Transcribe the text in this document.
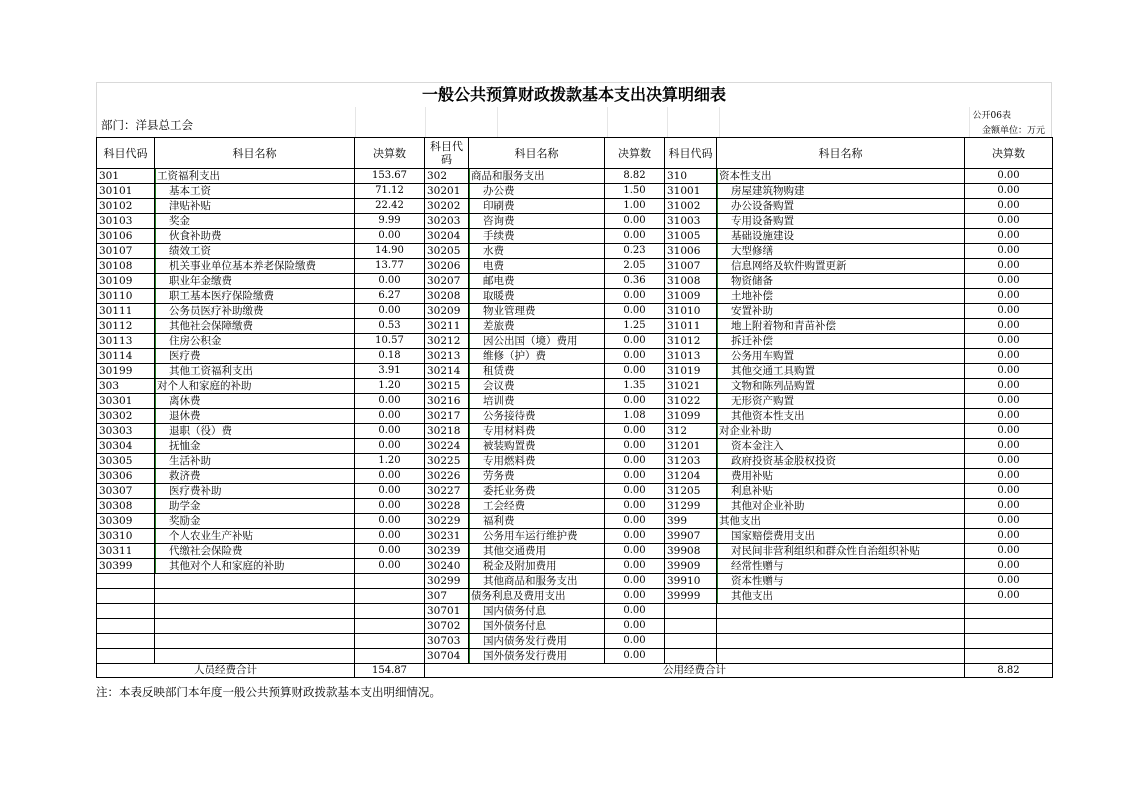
一般公共预算财政拨款基本支出决算明细表
部门：洋县总工会
公开06表
金额单位：万元
科目代码	科目名称	决算数	科目代
码	科目名称	决算数	科目代码	科目名称	决算数
301	工资福利支出	153.67	302	商品和服务支出	8.82	310	资本性支出	0.00
30101	基本工资	71.12	30201	办公费	1.50	31001	房屋建筑物购建	0.00
30102	津贴补贴	22.42	30202	印刷费	1.00	31002	办公设备购置	0.00
30103	奖金	9.99	30203	咨询费	0.00	31003	专用设备购置	0.00
30106	伙食补助费	0.00	30204	手续费	0.00	31005	基础设施建设	0.00
30107	绩效工资	14.90	30205	水费	0.23	31006	大型修缮	0.00
30108	机关事业单位基本养老保险缴费	13.77	30206	电费	2.05	31007	信息网络及软件购置更新	0.00
30109	职业年金缴费	0.00	30207	邮电费	0.36	31008	物资储备	0.00
30110	职工基本医疗保险缴费	6.27	30208	取暖费	0.00	31009	土地补偿	0.00
30111	公务员医疗补助缴费	0.00	30209	物业管理费	0.00	31010	安置补助	0.00
30112	其他社会保障缴费	0.53	30211	差旅费	1.25	31011	地上附着物和青苗补偿	0.00
30113	住房公积金	10.57	30212	因公出国（境）费用	0.00	31012	拆迁补偿	0.00
30114	医疗费	0.18	30213	维修（护）费	0.00	31013	公务用车购置	0.00
30199	其他工资福利支出	3.91	30214	租赁费	0.00	31019	其他交通工具购置	0.00
303	对个人和家庭的补助	1.20	30215	会议费	1.35	31021	文物和陈列品购置	0.00
30301	离休费	0.00	30216	培训费	0.00	31022	无形资产购置	0.00
30302	退休费	0.00	30217	公务接待费	1.08	31099	其他资本性支出	0.00
30303	退职（役）费	0.00	30218	专用材料费	0.00	312	对企业补助	0.00
30304	抚恤金	0.00	30224	被装购置费	0.00	31201	资本金注入	0.00
30305	生活补助	1.20	30225	专用燃料费	0.00	31203	政府投资基金股权投资	0.00
30306	救济费	0.00	30226	劳务费	0.00	31204	费用补贴	0.00
30307	医疗费补助	0.00	30227	委托业务费	0.00	31205	利息补贴	0.00
30308	助学金	0.00	30228	工会经费	0.00	31299	其他对企业补助	0.00
30309	奖励金	0.00	30229	福利费	0.00	399	其他支出	0.00
30310	个人农业生产补贴	0.00	30231	公务用车运行维护费	0.00	39907	国家赔偿费用支出	0.00
30311	代缴社会保险费	0.00	30239	其他交通费用	0.00	39908	对民间非营利组织和群众性自治组织补贴	0.00
30399	其他对个人和家庭的补助	0.00	30240	税金及附加费用	0.00	39909	经常性赠与	0.00
			30299	其他商品和服务支出	0.00	39910	资本性赠与	0.00
			307	债务利息及费用支出	0.00	39999	其他支出	0.00
			30701	国内债务付息	0.00			
			30702	国外债务付息	0.00			
			30703	国内债务发行费用	0.00			
			30704	国外债务发行费用	0.00			
人员经费合计		154.87	公用经费合计					8.82
注：本表反映部门本年度一般公共预算财政拨款基本支出明细情况。
